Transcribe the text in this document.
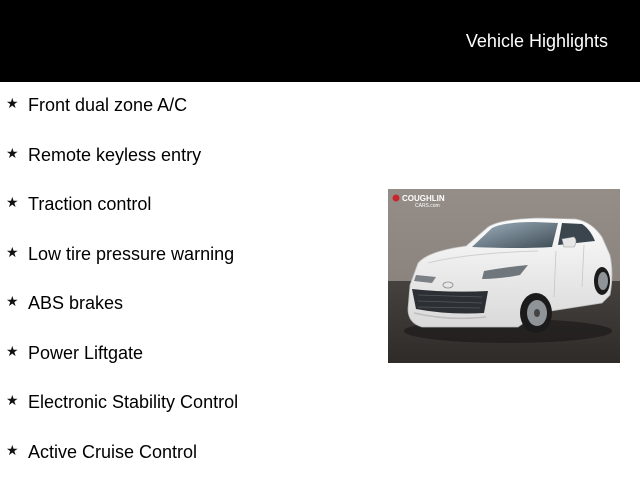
Vehicle Highlights
★ Front dual zone A/C
★ Remote keyless entry
★ Traction control
★ Low tire pressure warning
★ ABS brakes
★ Power Liftgate
★ Electronic Stability Control
★ Active Cruise Control
COUGHLIN
CARS.com
